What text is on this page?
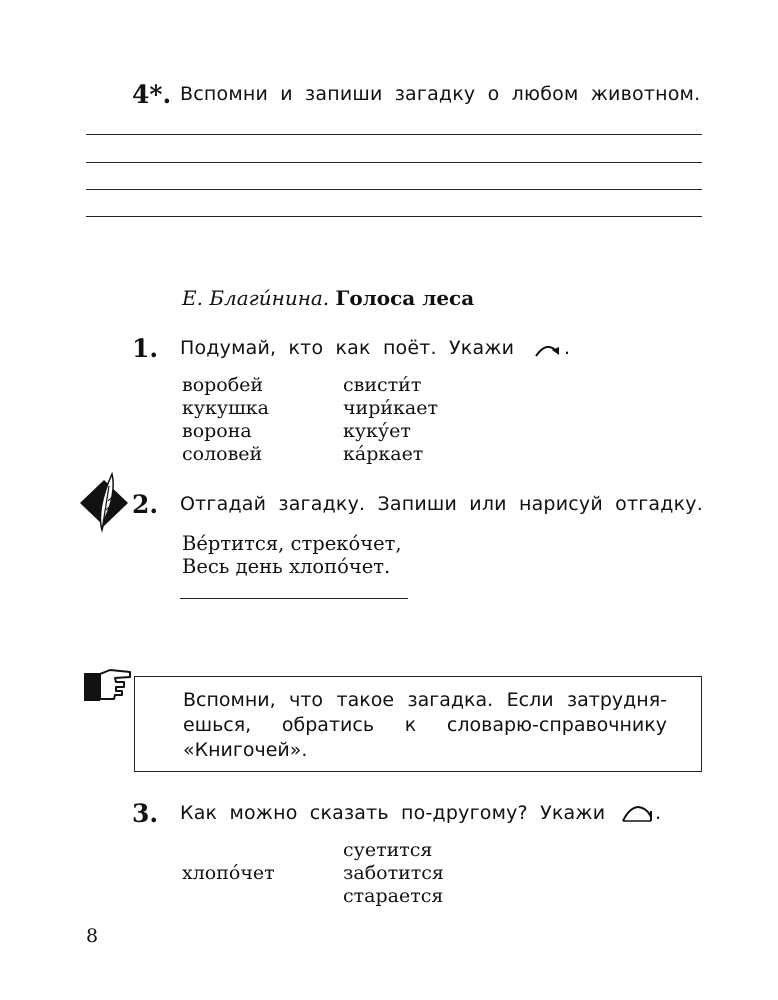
4*. Вспомни и запиши загадку о любом животном.
Е. Благи́нина. Голоса леса
1. Подумай, кто как поёт. Укажи	.
воробей
кукушка
ворона
соловей
свисти́т
чири́кает
куку́ет
ка́ркает
2. Отгадай загадку. Запиши или нарисуй отгадку.
Ве́ртится, стреко́чет,
Весь день хлопо́чет.
Вспомни, что такое загадка. Если затрудня-
ешься, обратись к словарю-справочнику
«Книгочей».
3. Как можно сказать по-другому? Укажи	.
хлопо́чет
суетится
заботится
старается
8
